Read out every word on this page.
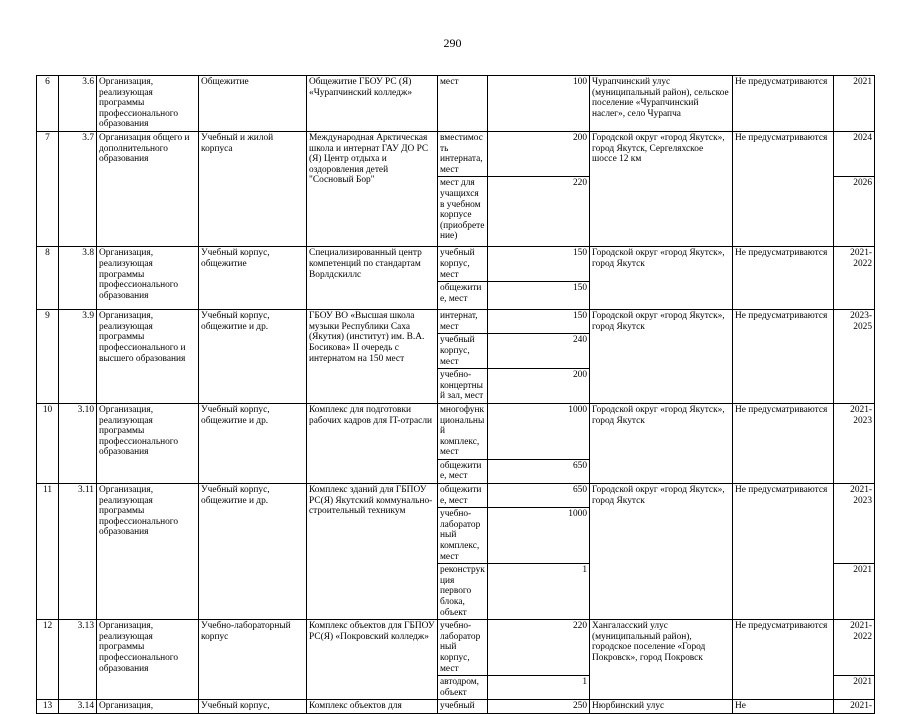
290
6	3.6	Организация, реализующая программы профессионального образования	Общежитие	Общежитие ГБОУ РС (Я) «Чурапчинский колледж»	мест	100	Чурапчинский улус (муниципальный район), сельское поселение «Чурапчинский наслег», село Чурапча	Не предусматриваются	2021
7	3.7	Организация общего и дополнительного образования	Учебный и жилой корпуса	Международная Арктическая школа и интернат ГАУ ДО РС (Я) Центр отдыха и оздоровления детей "Сосновый Бор"	вместимость интерната, мест	200	Городской округ «город Якутск», город Якутск, Сергеляхское шоссе 12 км	Не предусматриваются	2024
					мест для учащихся в учебном корпусе (приобретение)	220			2026
8	3.8	Организация, реализующая программы профессионального образования	Учебный корпус, общежитие	Специализированный центр компетенций по стандартам Ворлдскиллс	учебный корпус, мест	150	Городской округ «город Якутск», город Якутск	Не предусматриваются	2021-2022
					общежитие, мест	150			
9	3.9	Организация, реализующая программы профессионального и высшего образования	Учебный корпус, общежитие и др.	ГБОУ ВО «Высшая школа музыки Республики Саха (Якутия) (институт) им. В.А. Босикова» II очередь с интернатом на 150 мест	интернат, мест	150	Городской округ «город Якутск», город Якутск	Не предусматриваются	2023-2025
					учебный корпус, мест	240			
					учебно-концертный зал, мест	200			
10	3.10	Организация, реализующая программы профессионального образования	Учебный корпус, общежитие и др.	Комплекс для подготовки рабочих кадров для IT-отрасли	многофункциональный комплекс, мест	1000	Городской округ «город Якутск», город Якутск	Не предусматриваются	2021-2023
					общежитие, мест	650			
11	3.11	Организация, реализующая программы профессионального образования	Учебный корпус, общежитие и др.	Комплекс зданий для ГБПОУ РС(Я) Якутский коммунально-строительный техникум	общежитие, мест	650	Городской округ «город Якутск», город Якутск	Не предусматриваются	2021-2023
					учебно-лабораторный комплекс, мест	1000			
					реконструкция первого блока, объект	1			2021
12	3.13	Организация, реализующая программы профессионального образования	Учебно-лабораторный корпус	Комплекс объектов для ГБПОУ РС(Я) «Покровский колледж»	учебно-лабораторный корпус, мест	220	Хангаласский улус (муниципальный район), городское поселение «Город Покровск», город Покровск	Не предусматриваются	2021-2022
					автодром, объект	1			2021
13	3.14	Организация,	Учебный корпус,	Комплекс объектов для	учебный	250	Нюрбинский улус	Не	2021-
